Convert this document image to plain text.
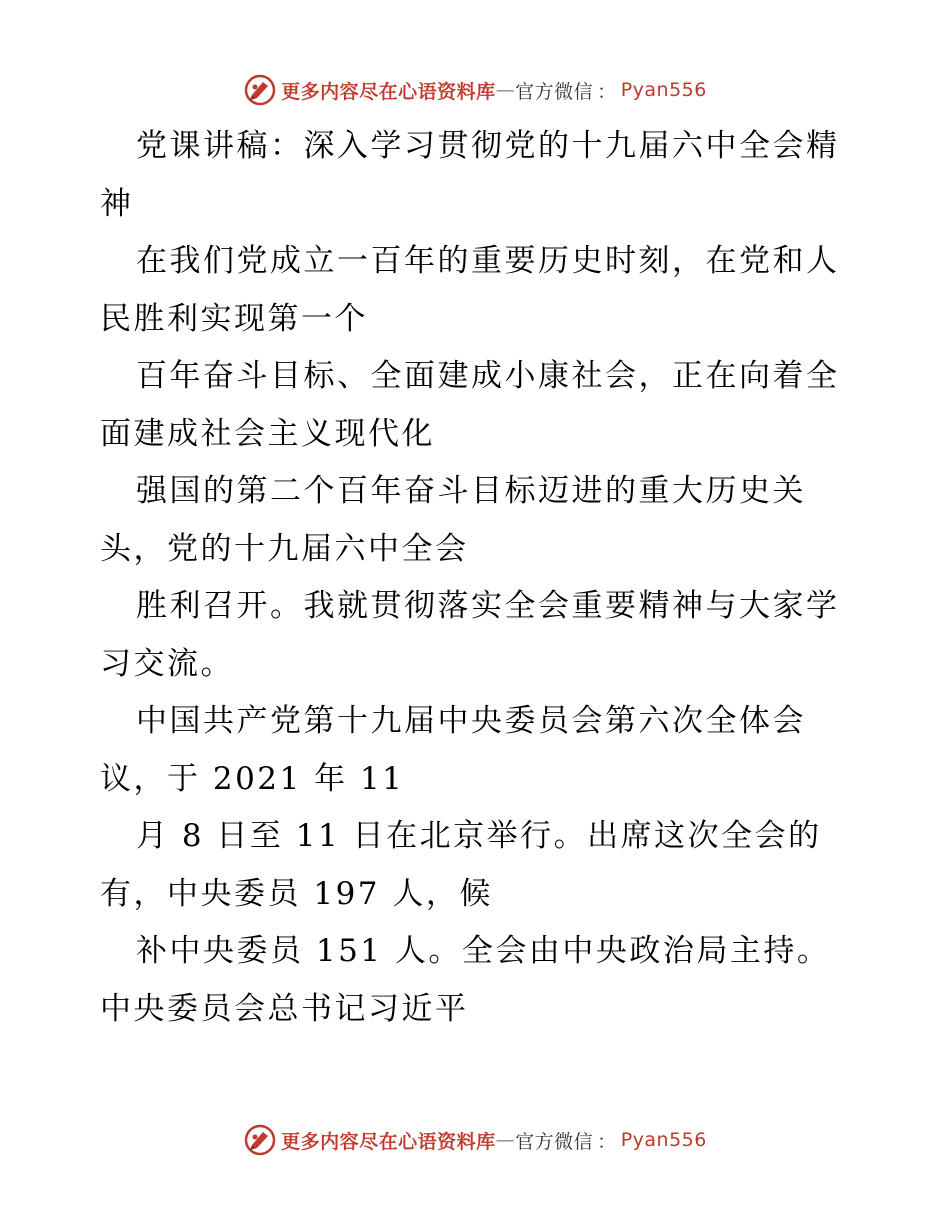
更多内容尽在心语资料库 — 官方微信 ： Pyan556

党课讲稿：深入学习贯彻党的十九届六中全会精
神

在我们党成立一百年的重要历史时刻，在党和人
民胜利实现第一个

百年奋斗目标、全面建成小康社会，正在向着全
面建成社会主义现代化

强国的第二个百年奋斗目标迈进的重大历史关
头，党的十九届六中全会

胜利召开。我就贯彻落实全会重要精神与大家学
习交流。

中国共产党第十九届中央委员会第六次全体会
议，于 2021 年 11

月 8 日至 11 日在北京举行。出席这次全会的
有，中央委员 197 人，候

补中央委员 151 人。全会由中央政治局主持。
中央委员会总书记习近平

更多内容尽在心语资料库 — 官方微信 ： Pyan556
